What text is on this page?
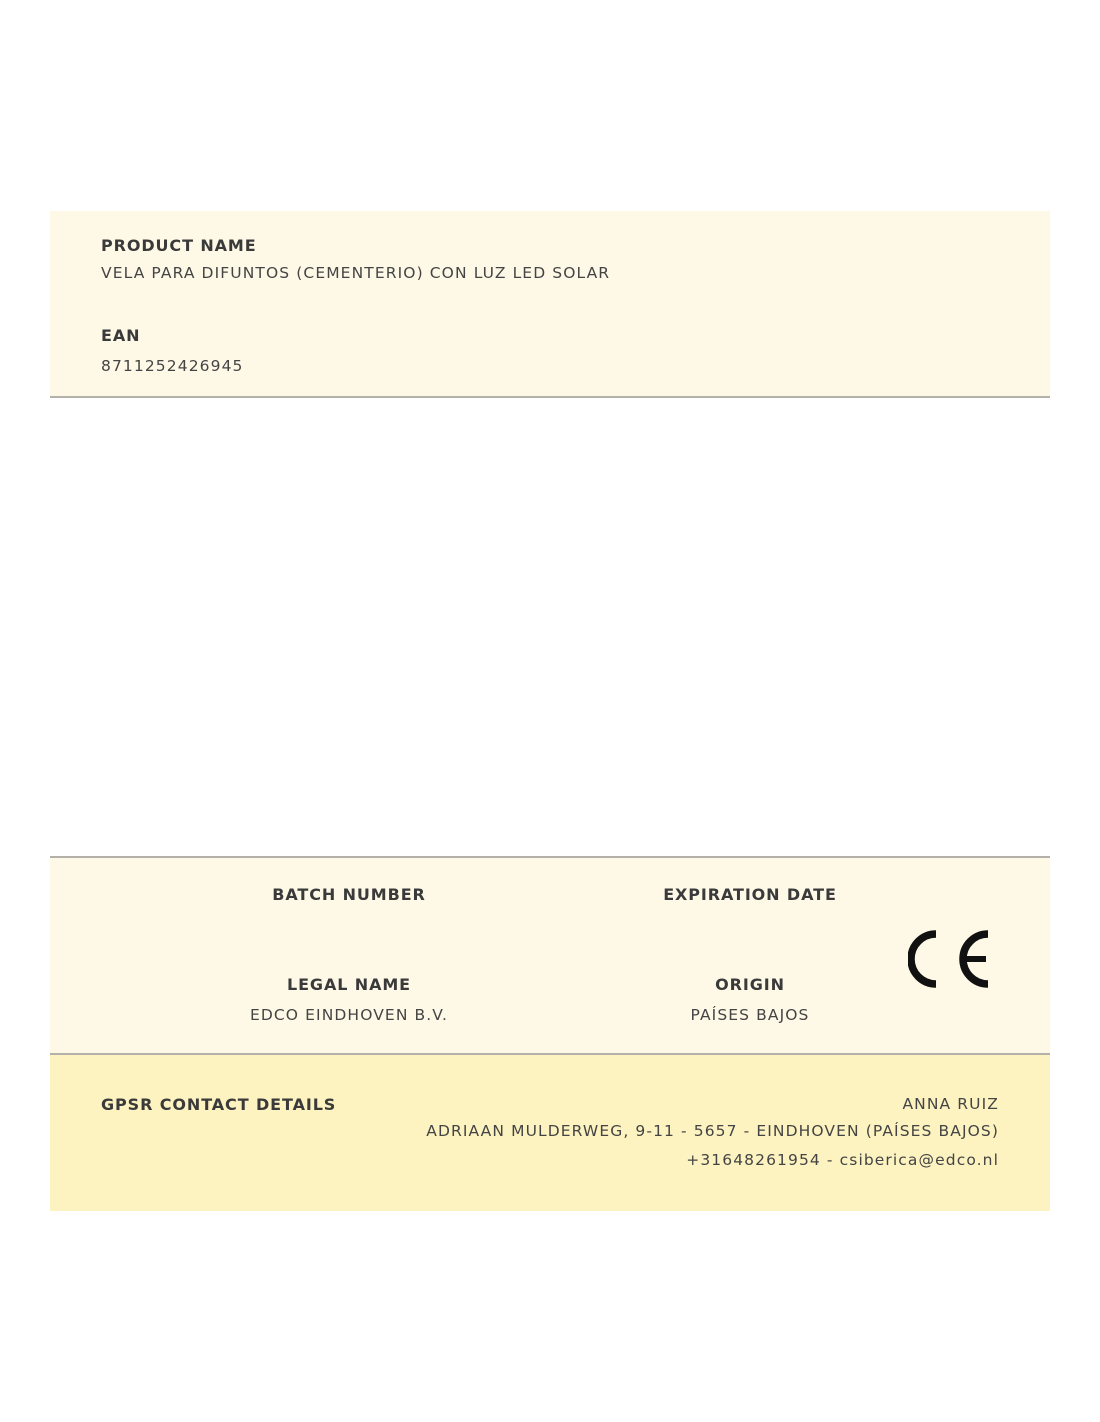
PRODUCT NAME
VELA PARA DIFUNTOS (CEMENTERIO) CON LUZ LED SOLAR
EAN
8711252426945
BATCH NUMBER	EXPIRATION DATE
LEGAL NAME
EDCO EINDHOVEN B.V.
ORIGIN
PAÍSES BAJOS
GPSR CONTACT DETAILS	ANNA RUIZ
ADRIAAN MULDERWEG, 9-11 - 5657 - EINDHOVEN (PAÍSES BAJOS)
+31648261954 - csiberica@edco.nl
